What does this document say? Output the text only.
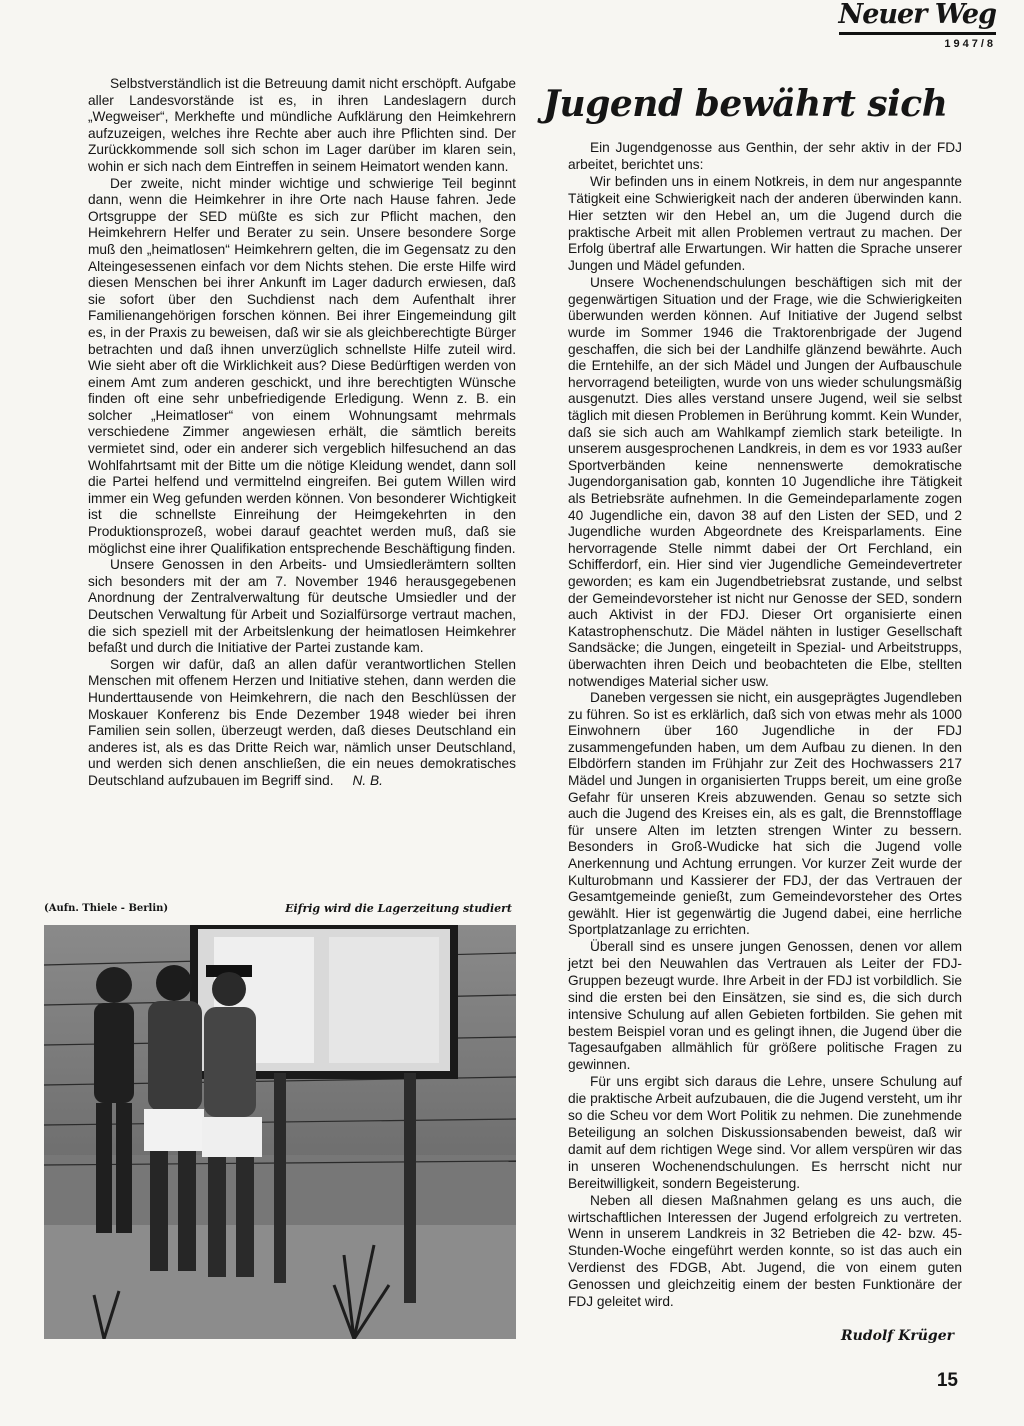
Neuer Weg
1947/8

Selbstverständlich ist die Betreuung damit nicht erschöpft. Aufgabe aller Landesvorstände ist es, in ihren Landeslagern durch „Wegweiser“, Merkhefte und mündliche Aufklärung den Heimkehrern aufzuzeigen, welches ihre Rechte aber auch ihre Pflichten sind. Der Zurückkommende soll sich schon im Lager darüber im klaren sein, wohin er sich nach dem Eintreffen in seinem Heimatort wenden kann.

Der zweite, nicht minder wichtige und schwierige Teil beginnt dann, wenn die Heimkehrer in ihre Orte nach Hause fahren. Jede Ortsgruppe der SED müßte es sich zur Pflicht machen, den Heimkehrern Helfer und Berater zu sein. Unsere besondere Sorge muß den „heimatlosen“ Heimkehrern gelten, die im Gegensatz zu den Alteingesessenen einfach vor dem Nichts stehen. Die erste Hilfe wird diesen Menschen bei ihrer Ankunft im Lager dadurch erwiesen, daß sie sofort über den Suchdienst nach dem Aufenthalt ihrer Familienangehörigen forschen können. Bei ihrer Eingemeindung gilt es, in der Praxis zu beweisen, daß wir sie als gleichberechtigte Bürger betrachten und daß ihnen unverzüglich schnellste Hilfe zuteil wird. Wie sieht aber oft die Wirklichkeit aus? Diese Bedürftigen werden von einem Amt zum anderen geschickt, und ihre berechtigten Wünsche finden oft eine sehr unbefriedigende Erledigung. Wenn z. B. ein solcher „Heimatloser“ von einem Wohnungsamt mehrmals verschiedene Zimmer angewiesen erhält, die sämtlich bereits vermietet sind, oder ein anderer sich vergeblich hilfesuchend an das Wohlfahrtsamt mit der Bitte um die nötige Kleidung wendet, dann soll die Partei helfend und vermittelnd eingreifen. Bei gutem Willen wird immer ein Weg gefunden werden können. Von besonderer Wichtigkeit ist die schnellste Einreihung der Heimgekehrten in den Produktionsprozeß, wobei darauf geachtet werden muß, daß sie möglichst eine ihrer Qualifikation entsprechende Beschäftigung finden.

Unsere Genossen in den Arbeits- und Umsiedlerämtern sollten sich besonders mit der am 7. November 1946 herausgegebenen Anordnung der Zentralverwaltung für deutsche Umsiedler und der Deutschen Verwaltung für Arbeit und Sozialfürsorge vertraut machen, die sich speziell mit der Arbeitslenkung der heimatlosen Heimkehrer befaßt und durch die Initiative der Partei zustande kam.

Sorgen wir dafür, daß an allen dafür verantwortlichen Stellen Menschen mit offenem Herzen und Initiative stehen, dann werden die Hunderttausende von Heimkehrern, die nach den Beschlüssen der Moskauer Konferenz bis Ende Dezember 1948 wieder bei ihren Familien sein sollen, überzeugt werden, daß dieses Deutschland ein anderes ist, als es das Dritte Reich war, nämlich unser Deutschland, und werden sich denen anschließen, die ein neues demokratisches Deutschland aufzubauen im Begriff sind. N. B.

(Aufn. Thiele - Berlin)	Eifrig wird die Lagerzeitung studiert
Jugend bewährt sich

Ein Jugendgenosse aus Genthin, der sehr aktiv in der FDJ arbeitet, berichtet uns:

Wir befinden uns in einem Notkreis, in dem nur angespannte Tätigkeit eine Schwierigkeit nach der anderen überwinden kann. Hier setzten wir den Hebel an, um die Jugend durch die praktische Arbeit mit allen Problemen vertraut zu machen. Der Erfolg übertraf alle Erwartungen. Wir hatten die Sprache unserer Jungen und Mädel gefunden.

Unsere Wochenendschulungen beschäftigen sich mit der gegenwärtigen Situation und der Frage, wie die Schwierigkeiten überwunden werden können. Auf Initiative der Jugend selbst wurde im Sommer 1946 die Traktorenbrigade der Jugend geschaffen, die sich bei der Landhilfe glänzend bewährte. Auch die Erntehilfe, an der sich Mädel und Jungen der Aufbauschule hervorragend beteiligten, wurde von uns wieder schulungsmäßig ausgenutzt. Dies alles verstand unsere Jugend, weil sie selbst täglich mit diesen Problemen in Berührung kommt. Kein Wunder, daß sie sich auch am Wahlkampf ziemlich stark beteiligte. In unserem ausgesprochenen Landkreis, in dem es vor 1933 außer Sportverbänden keine nennenswerte demokratische Jugendorganisation gab, konnten 10 Jugendliche ihre Tätigkeit als Betriebsräte aufnehmen. In die Gemeindeparlamente zogen 40 Jugendliche ein, davon 38 auf den Listen der SED, und 2 Jugendliche wurden Abgeordnete des Kreisparlaments. Eine hervorragende Stelle nimmt dabei der Ort Ferchland, ein Schifferdorf, ein. Hier sind vier Jugendliche Gemeindevertreter geworden; es kam ein Jugendbetriebsrat zustande, und selbst der Gemeindevorsteher ist nicht nur Genosse der SED, sondern auch Aktivist in der FDJ. Dieser Ort organisierte einen Katastrophenschutz. Die Mädel nähten in lustiger Gesellschaft Sandsäcke; die Jungen, eingeteilt in Spezial- und Arbeitstrupps, überwachten ihren Deich und beobachteten die Elbe, stellten notwendiges Material sicher usw.

Daneben vergessen sie nicht, ein ausgeprägtes Jugendleben zu führen. So ist es erklärlich, daß sich von etwas mehr als 1000 Einwohnern über 160 Jugendliche in der FDJ zusammengefunden haben, um dem Aufbau zu dienen. In den Elbdörfern standen im Frühjahr zur Zeit des Hochwassers 217 Mädel und Jungen in organisierten Trupps bereit, um eine große Gefahr für unseren Kreis abzuwenden. Genau so setzte sich auch die Jugend des Kreises ein, als es galt, die Brennstofflage für unsere Alten im letzten strengen Winter zu bessern. Besonders in Groß-Wudicke hat sich die Jugend volle Anerkennung und Achtung errungen. Vor kurzer Zeit wurde der Kulturobmann und Kassierer der FDJ, der das Vertrauen der Gesamtgemeinde genießt, zum Gemeindevorsteher des Ortes gewählt. Hier ist gegenwärtig die Jugend dabei, eine herrliche Sportplatzanlage zu errichten.

Überall sind es unsere jungen Genossen, denen vor allem jetzt bei den Neuwahlen das Vertrauen als Leiter der FDJ-Gruppen bezeugt wurde. Ihre Arbeit in der FDJ ist vorbildlich. Sie sind die ersten bei den Einsätzen, sie sind es, die sich durch intensive Schulung auf allen Gebieten fortbilden. Sie gehen mit bestem Beispiel voran und es gelingt ihnen, die Jugend über die Tagesaufgaben allmählich für größere politische Fragen zu gewinnen.

Für uns ergibt sich daraus die Lehre, unsere Schulung auf die praktische Arbeit aufzubauen, die die Jugend versteht, um ihr so die Scheu vor dem Wort Politik zu nehmen. Die zunehmende Beteiligung an solchen Diskussionsabenden beweist, daß wir damit auf dem richtigen Wege sind. Vor allem verspüren wir das in unseren Wochenendschulungen. Es herrscht nicht nur Bereitwilligkeit, sondern Begeisterung.

Neben all diesen Maßnahmen gelang es uns auch, die wirtschaftlichen Interessen der Jugend erfolgreich zu vertreten. Wenn in unserem Landkreis in 32 Betrieben die 42- bzw. 45-Stunden-Woche eingeführt werden konnte, so ist das auch ein Verdienst des FDGB, Abt. Jugend, die von einem guten Genossen und gleichzeitig einem der besten Funktionäre der FDJ geleitet wird.

Rudolf Krüger
15
